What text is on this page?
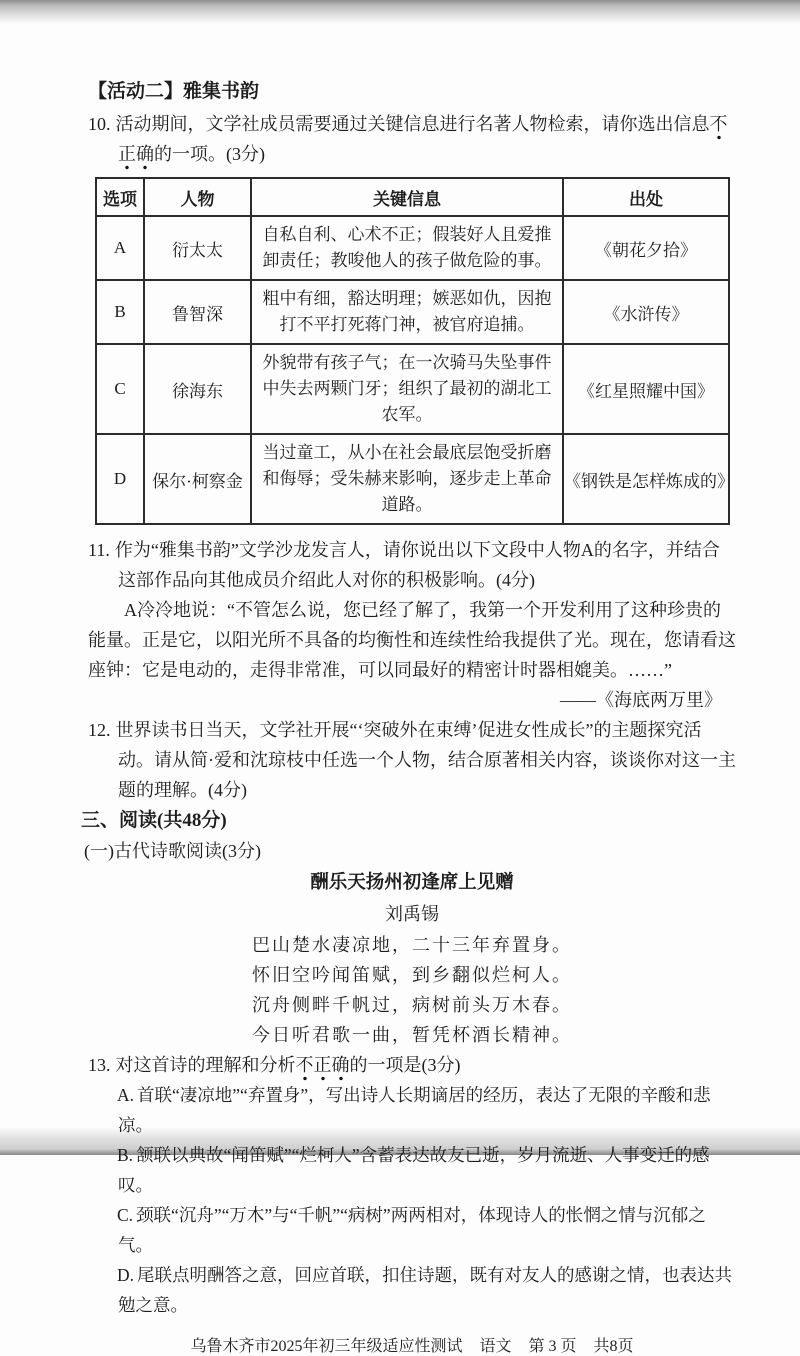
【活动二】雅集书韵

10. 活动期间，文学社成员需要通过关键信息进行名著人物检索，请你选出信息不正确的一项。(3分)

选项	人物	关键信息	出处
A	衍太太	自私自利、心术不正；假装好人且爱推卸责任；教唆他人的孩子做危险的事。	《朝花夕拾》
B	鲁智深	粗中有细，豁达明理；嫉恶如仇，因抱打不平打死蒋门神，被官府追捕。	《水浒传》
C	徐海东	外貌带有孩子气；在一次骑马失坠事件中失去两颗门牙；组织了最初的湖北工农军。	《红星照耀中国》
D	保尔·柯察金	当过童工，从小在社会最底层饱受折磨和侮辱；受朱赫来影响，逐步走上革命道路。	《钢铁是怎样炼成的》

11. 作为“雅集书韵”文学沙龙发言人，请你说出以下文段中人物A的名字，并结合这部作品向其他成员介绍此人对你的积极影响。(4分)

A冷冷地说：“不管怎么说，您已经了解了，我第一个开发利用了这种珍贵的能量。正是它，以阳光所不具备的均衡性和连续性给我提供了光。现在，您请看这座钟：它是电动的，走得非常准，可以同最好的精密计时器相媲美。……”

——《海底两万里》

12. 世界读书日当天，文学社开展“‘突破外在束缚’促进女性成长”的主题探究活动。请从简·爱和沈琼枝中任选一个人物，结合原著相关内容，谈谈你对这一主题的理解。(4分)

三、阅读(共48分)

(一)古代诗歌阅读(3分)

酬乐天扬州初逢席上见赠

刘禹锡

巴山楚水凄凉地，二十三年弃置身。

怀旧空吟闻笛赋，到乡翻似烂柯人。

沉舟侧畔千帆过，病树前头万木春。

今日听君歌一曲，暂凭杯酒长精神。

13. 对这首诗的理解和分析不正确的一项是(3分)

A. 首联“凄凉地”“弃置身”，写出诗人长期谪居的经历，表达了无限的辛酸和悲凉。

B. 颔联以典故“闻笛赋”“烂柯人”含蓄表达故友已逝，岁月流逝、人事变迁的感叹。

C. 颈联“沉舟”“万木”与“千帆”“病树”两两相对，体现诗人的怅惘之情与沉郁之气。

D. 尾联点明酬答之意，回应首联，扣住诗题，既有对友人的感谢之情，也表达共勉之意。

乌鲁木齐市2025年初三年级适应性测试 语文 第 3 页 共8页
